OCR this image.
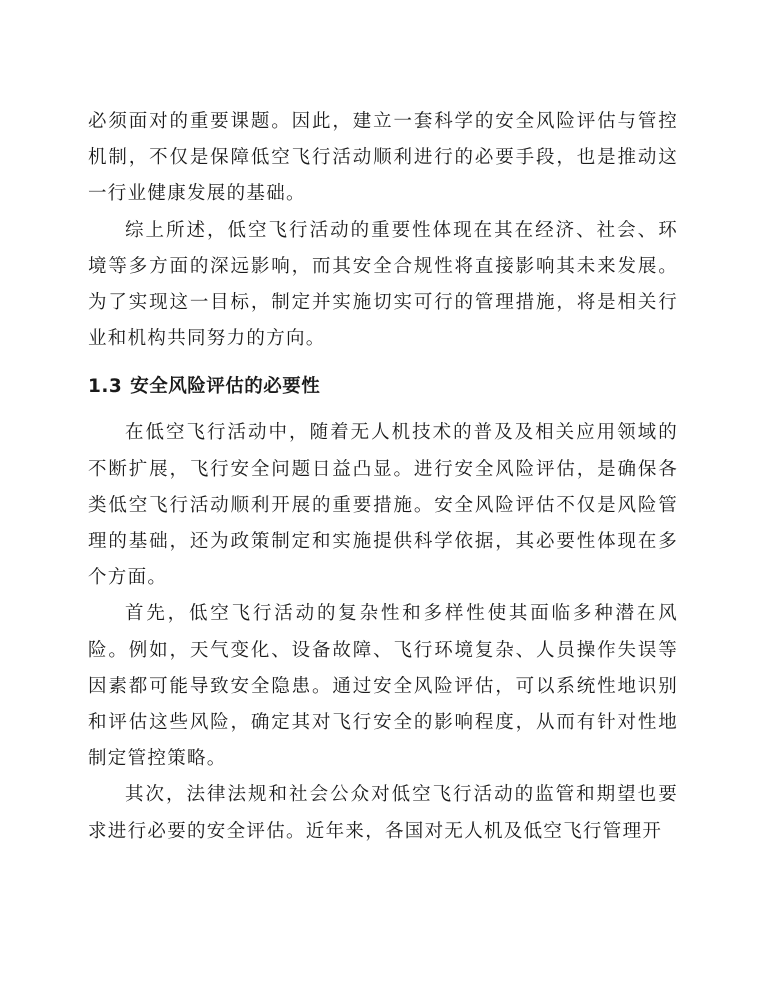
必须面对的重要课题。因此，建立一套科学的安全风险评估与管控机制，不仅是保障低空飞行活动顺利进行的必要手段，也是推动这一行业健康发展的基础。

综上所述，低空飞行活动的重要性体现在其在经济、社会、环境等多方面的深远影响，而其安全合规性将直接影响其未来发展。为了实现这一目标，制定并实施切实可行的管理措施，将是相关行业和机构共同努力的方向。

1.3 安全风险评估的必要性

在低空飞行活动中，随着无人机技术的普及及相关应用领域的不断扩展，飞行安全问题日益凸显。进行安全风险评估，是确保各类低空飞行活动顺利开展的重要措施。安全风险评估不仅是风险管理的基础，还为政策制定和实施提供科学依据，其必要性体现在多个方面。

首先，低空飞行活动的复杂性和多样性使其面临多种潜在风险。例如，天气变化、设备故障、飞行环境复杂、人员操作失误等因素都可能导致安全隐患。通过安全风险评估，可以系统性地识别和评估这些风险，确定其对飞行安全的影响程度，从而有针对性地制定管控策略。

其次，法律法规和社会公众对低空飞行活动的监管和期望也要求进行必要的安全评估。近年来，各国对无人机及低空飞行管理开
